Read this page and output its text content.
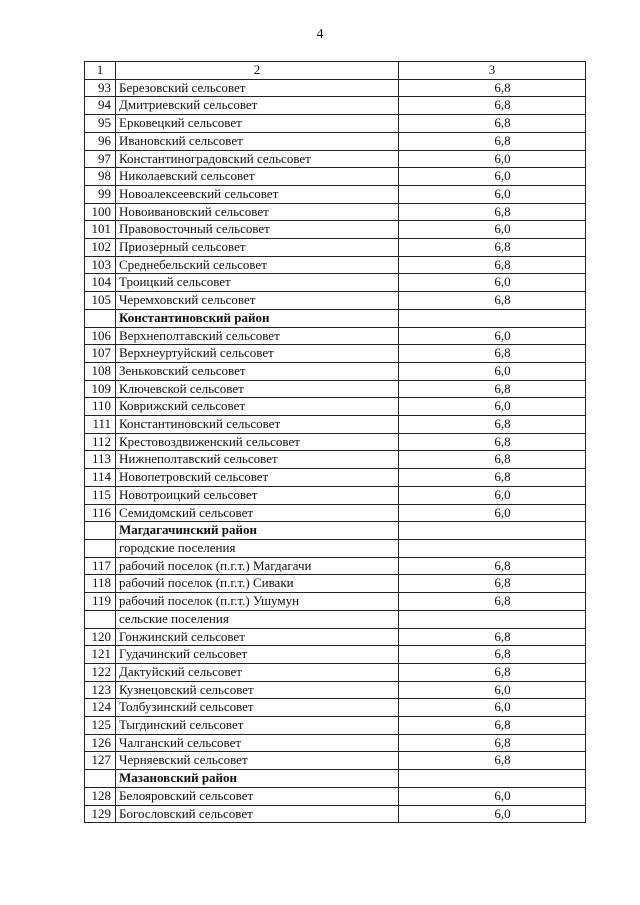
4
1	2	3
93	Березовский сельсовет	6,8
94	Дмитриевский сельсовет	6,8
95	Ерковецкий сельсовет	6,8
96	Ивановский сельсовет	6,8
97	Константиноградовский сельсовет	6,0
98	Николаевский сельсовет	6,0
99	Новоалексеевский сельсовет	6,0
100	Новоивановский сельсовет	6,8
101	Правовосточный сельсовет	6,0
102	Приозерный сельсовет	6,8
103	Среднебельский сельсовет	6,8
104	Троицкий сельсовет	6,0
105	Черемховский сельсовет	6,8
	Константиновский район	
106	Верхнеполтавский сельсовет	6,0
107	Верхнеуртуйский сельсовет	6,8
108	Зеньковский сельсовет	6,0
109	Ключевской сельсовет	6,8
110	Коврижский сельсовет	6,0
111	Константиновский сельсовет	6,8
112	Крестовоздвиженский сельсовет	6,8
113	Нижнеполтавский сельсовет	6,8
114	Новопетровский сельсовет	6,8
115	Новотроицкий сельсовет	6,0
116	Семидомский сельсовет	6,0
	Магдагачинский район	
	городские поселения	
117	рабочий поселок (п.г.т.) Магдагачи	6,8
118	рабочий поселок (п.г.т.) Сиваки	6,8
119	рабочий поселок (п.г.т.) Ушумун	6,8
	сельские поселения	
120	Гонжинский сельсовет	6,8
121	Гудачинский сельсовет	6,8
122	Дактуйский сельсовет	6,8
123	Кузнецовский сельсовет	6,0
124	Толбузинский сельсовет	6,0
125	Тыгдинский сельсовет	6,8
126	Чалганский сельсовет	6,8
127	Черняевский сельсовет	6,8
	Мазановский район	
128	Белояровский сельсовет	6,0
129	Богословский сельсовет	6,0
